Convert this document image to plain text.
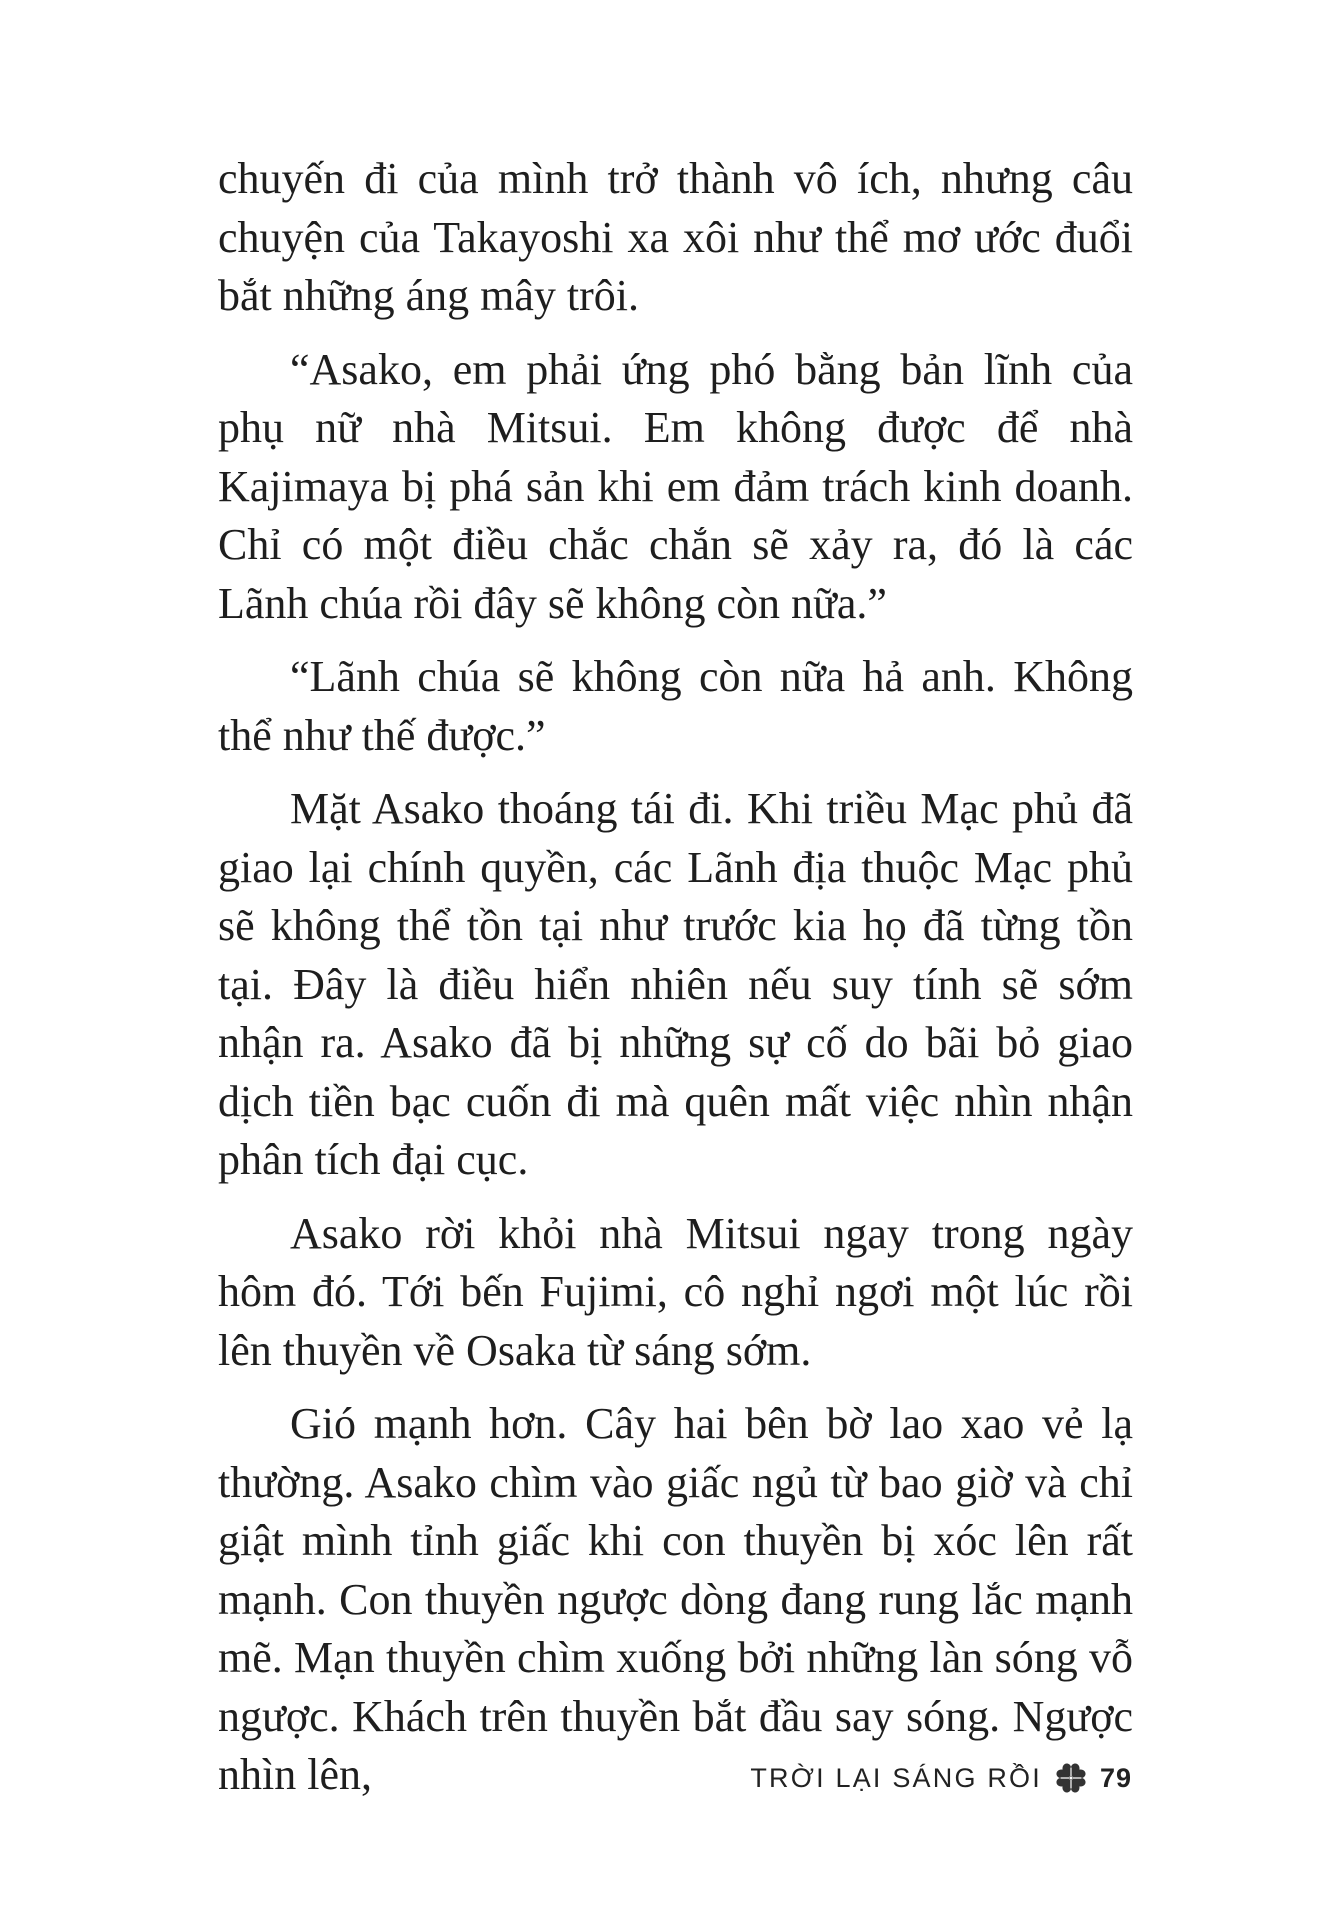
chuyến đi của mình trở thành vô ích, nhưng câu chuyện của Takayoshi xa xôi như thể mơ ước đuổi bắt những áng mây trôi.

“Asako, em phải ứng phó bằng bản lĩnh của phụ nữ nhà Mitsui. Em không được để nhà Kajimaya bị phá sản khi em đảm trách kinh doanh. Chỉ có một điều chắc chắn sẽ xảy ra, đó là các Lãnh chúa rồi đây sẽ không còn nữa.”

“Lãnh chúa sẽ không còn nữa hả anh. Không thể như thế được.”

Mặt Asako thoáng tái đi. Khi triều Mạc phủ đã giao lại chính quyền, các Lãnh địa thuộc Mạc phủ sẽ không thể tồn tại như trước kia họ đã từng tồn tại. Đây là điều hiển nhiên nếu suy tính sẽ sớm nhận ra. Asako đã bị những sự cố do bãi bỏ giao dịch tiền bạc cuốn đi mà quên mất việc nhìn nhận phân tích đại cục.

Asako rời khỏi nhà Mitsui ngay trong ngày hôm đó. Tới bến Fujimi, cô nghỉ ngơi một lúc rồi lên thuyền về Osaka từ sáng sớm.

Gió mạnh hơn. Cây hai bên bờ lao xao vẻ lạ thường. Asako chìm vào giấc ngủ từ bao giờ và chỉ giật mình tỉnh giấc khi con thuyền bị xóc lên rất mạnh. Con thuyền ngược dòng đang rung lắc mạnh mẽ. Mạn thuyền chìm xuống bởi những làn sóng vỗ ngược. Khách trên thuyền bắt đầu say sóng. Ngược nhìn lên,	TRỜI LẠI SÁNG RỒI 79
